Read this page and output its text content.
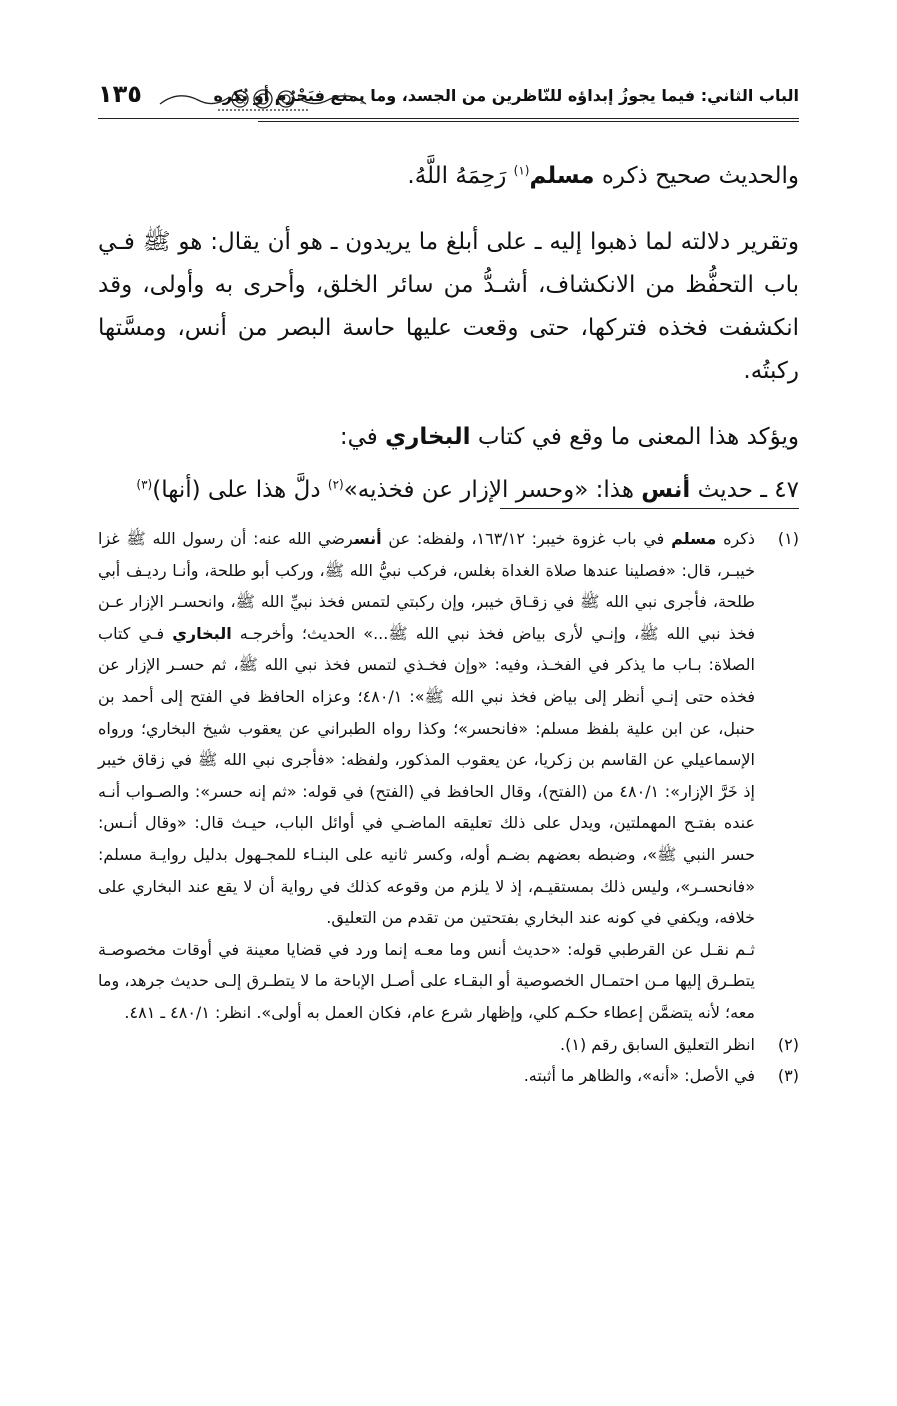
الباب الثاني: فيما يجوزُ إبداؤه للنّاظرين من الجسد، وما يمنع فيَحْرُم أو يُكره
١٣٥

والحديث صحيح ذكره مسلم$^{(١)}$ رَحِمَهُ اللَّهُ.

وتقرير دلالته لما ذهبوا إليه ـ على أبلغ ما يريدون ـ هو أن يقال: هو ﷺ فـي باب التحفُّظ من الانكشاف، أشـدُّ من سائر الخلق، وأحرى به وأولى، وقد انكشفت فخذه فتركها، حتى وقعت عليها حاسة البصر من أنس، ومسَّتها ركبتُه.

ويؤكد هذا المعنى ما وقع في كتاب البخاري في:

٤٧ ـ حديث أنس هذا: «وحسر الإزار عن فخذيه»$^{(٢)}$ دلَّ هذا على (أنها)$^{(٣)}$

(١)

ذكره مسلم في باب غزوة خيبر: ١٦٣/١٢، ولفظه: عن أنسرضي الله عنه: أن رسول الله ﷺ غزا خيبـر، قال: «فصلينا عندها صلاة الغداة بغلس، فركب نبيُّ الله ﷺ، وركب أبو طلحة، وأنـا رديـف أبي طلحة، فأجرى نبي الله ﷺ في زقـاق خيبر، وإن ركبتي لتمس فخذ نبيِّ الله ﷺ، وانحسـر الإزار عـن فخذ نبي الله ﷺ، وإنـي لأرى بياض فخذ نبي الله ﷺ...» الحديث؛ وأخرجـه البخاري فـي كتاب الصلاة: بـاب ما يذكر في الفخـذ، وفيه: «وإن فخـذي لتمس فخذ نبي الله ﷺ، ثم حسـر الإزار عن فخذه حتى إنـي أنظر إلى بياض فخذ نبي الله ﷺ»: ٤٨٠/١؛ وعزاه الحافظ في الفتح إلى أحمد بن حنبل، عن ابن علية بلفظ مسلم: «فانحسر»؛ وكذا رواه الطبراني عن يعقوب شيخ البخاري؛ ورواه الإسماعيلي عن القاسم بن زكريا، عن يعقوب المذكور، ولفظه: «فأجرى نبي الله ﷺ في زقاق خيبر إذ خَرَّ الإزار»: ٤٨٠/١ من (الفتح)، وقال الحافظ في (الفتح) في قوله: «ثم إنه حسر»: والصـواب أنـه عنده بفتـح المهملتين، ويدل على ذلك تعليقه الماضـي في أوائل الباب، حيـث قال: «وقال أنـس: حسر النبي ﷺ»، وضبطه بعضهم بضـم أوله، وكسر ثانيه على البنـاء للمجـهول بدليل روايـة مسلم: «فانحسـر»، وليس ذلك بمستقيـم، إذ لا يلزم من وقوعه كذلك في رواية أن لا يقع عند البخاري على خلافه، ويكفي في كونه عند البخاري بفتحتين من تقدم من التعليق.

ثـم نقـل عن القرطبي قوله: «حديث أنس وما معـه إنما ورد في قضايا معينة في أوقات مخصوصـة يتطـرق إليها مـن احتمـال الخصوصية أو البقـاء على أصـل الإباحة ما لا يتطـرق إلـى حديث جرهد، وما معه؛ لأنه يتضمَّن إعطاء حكـم كلي، وإظهار شرع عام، فكان العمل به أولى». انظر: ٤٨٠/١ ـ ٤٨١.

(٢)

انظر التعليق السابق رقم (١).

(٣)

في الأصل: «أنه»، والظاهر ما أثبته.
